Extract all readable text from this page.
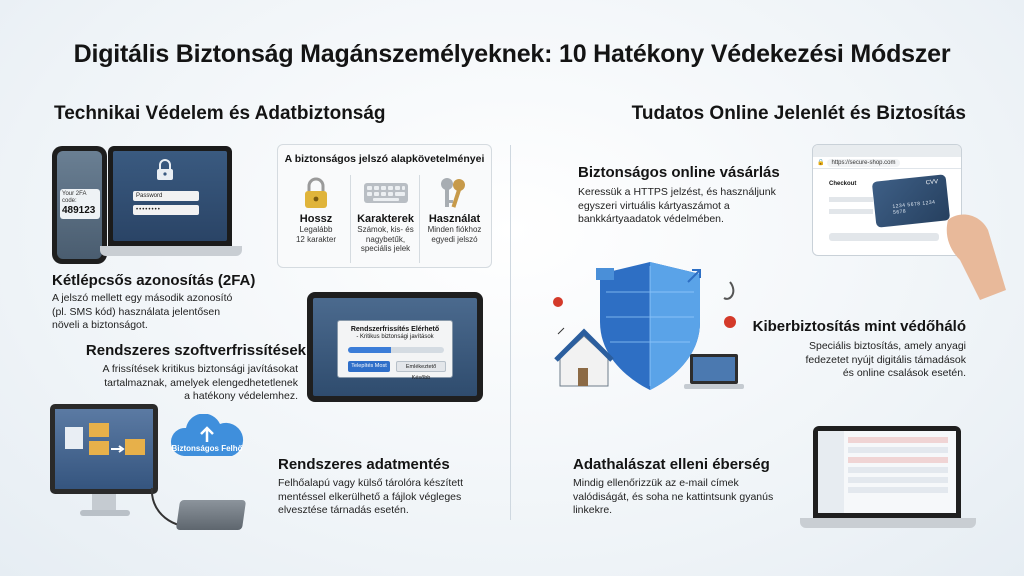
Digitális Biztonság Magánszemélyeknek: 10 Hatékony Védekezési Módszer
Technikai Védelem és Adatbiztonság	Tudatos Online Jelenlét és Biztosítás
Your 2FA code:
489123
Password
••••••••
Kétlépcsős azonosítás (2FA)
A jelszó mellett egy második azonosító
(pl. SMS kód) használata jelentősen
növeli a biztonságot.
A biztonságos jelszó alapkövetelményei
Hossz
Legalább
12 karakter
Karakterek
Számok, kis- és
nagybetűk,
speciális jelek
Használat
Minden fiókhoz
egyedi jelszó
Rendszerfrissítés Elérhető
- Kritikus biztonsági javítások
Telepítés Most	Emlékeztető Később
Rendszeres szoftverfrissítések
A frissítések kritikus biztonsági javításokat
tartalmaznak, amelyek elengedhetetlenek
a hatékony védelemhez.
Biztonságos Felhő
Rendszeres adatmentés
Felhőalapú vagy külső tárolóra készített
mentéssel elkerülhető a fájlok végleges
elvesztése tárnadás esetén.
Biztonságos online vásárlás
Keressük a HTTPS jelzést, és használjunk
egyszeri virtuális kártyaszámot a
bankkártyaadatok védelmében.
🔒	https://secure-shop.com
Checkout	CVV
1234 5678 1234 5678
Kiberbiztosítás mint védőháló
Speciális biztosítás, amely anyagi
fedezetet nyújt digitális támadások
és online csalások esetén.
Adathalászat elleni éberség
Mindig ellenőrizzük az e-mail címek
valódiságát, és soha ne kattintsunk gyanús
linkekre.
